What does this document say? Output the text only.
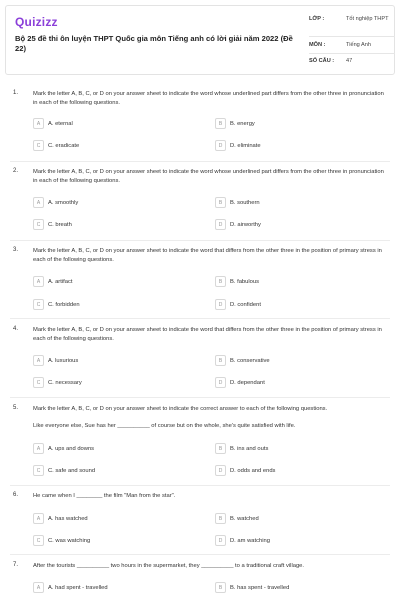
Quizizz
Bộ 25 đề thi ôn luyện THPT Quốc gia môn Tiếng anh có lời giải năm 2022 (Đề 22)
LỚP :	Tốt nghiệp THPT
MÔN :	Tiếng Anh
SỐ CÂU :	47
1.	Mark the letter A, B, C, or D on your answer sheet to indicate the word whose underlined part differs from the other three in pronunciation in each of the following questions.
A	A. eternal	B	B. energy
C	C. eradicate	D	D. eliminate
2.	Mark the letter A, B, C, or D on your answer sheet to indicate the word whose underlined part differs from the other three in pronunciation in each of the following questions.
A	A. smoothly	B	B. southern
C	C. breath	D	D. airworthy
3.	Mark the letter A, B, C, or D on your answer sheet to indicate the word that differs from the other three in the position of primary stress in each of the following questions.
A	A. artifact	B	B. fabulous
C	C. forbidden	D	D. confident
4.	Mark the letter A, B, C, or D on your answer sheet to indicate the word that differs from the other three in the position of primary stress in each of the following questions.
A	A. luxurious	B	B. conservative
C	C. necessary	D	D. dependant
5.	Mark the letter A, B, C, or D on your answer sheet to indicate the correct answer to each of the following questions.
Like everyone else, Sue has her __________ of course but on the whole, she's quite satisfied with life.
A	A. ups and downs	B	B. ins and outs
C	C. safe and sound	D	D. odds and ends
6.	He came when I ________ the film "Man from the star".
A	A. has watched	B	B. watched
C	C. was watching	D	D. am watching
7.	After the tourists __________ two hours in the supermarket, they __________ to a traditional craft village.
A	A. had spent - travelled	B	B. has spent - travelled
